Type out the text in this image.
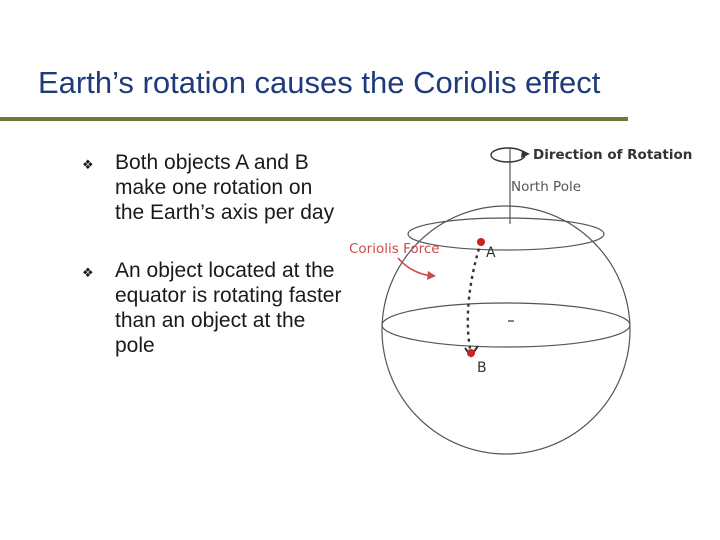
Earth’s rotation causes the Coriolis effect
❖ Both objects A and B make one rotation on the Earth’s axis per day
❖ An object located at the equator is rotating faster than an object at the pole
Direction of Rotation
North Pole
Coriolis Force	A
B
